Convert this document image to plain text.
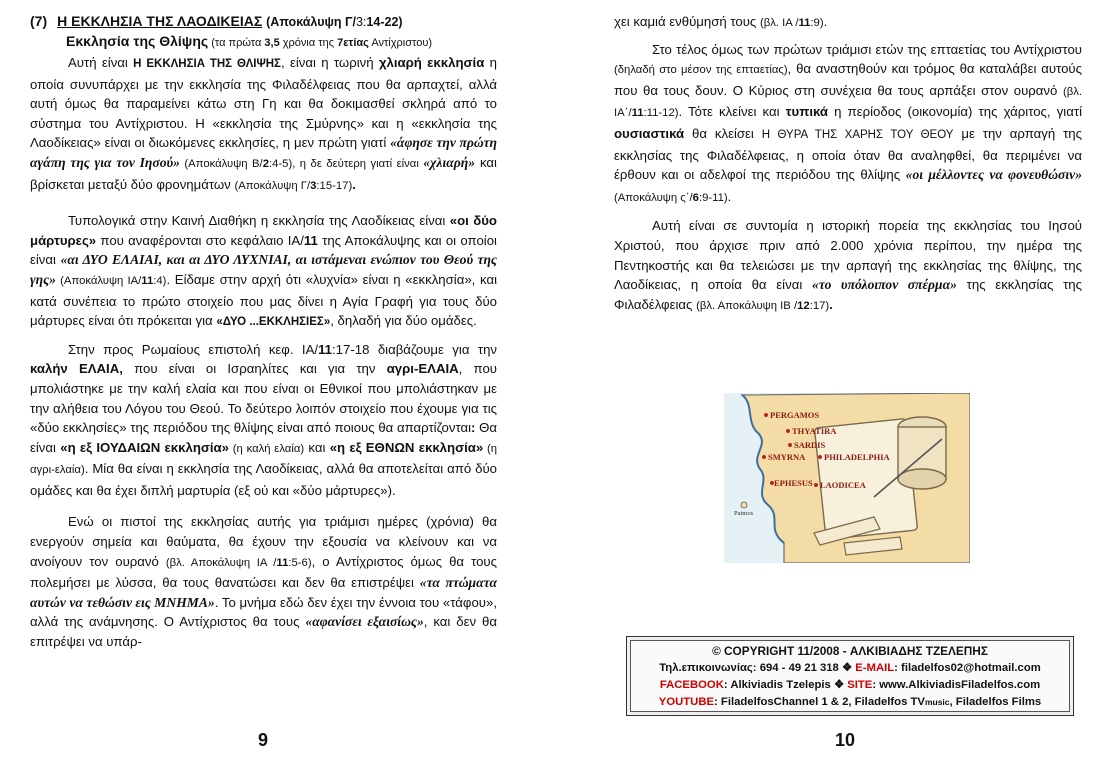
(7) Η ΕΚΚΛΗΣΙΑ ΤΗΣ ΛΑΟΔΙΚΕΙΑΣ (Αποκάλυψη Γ/3:14-22)
Εκκλησία της Θλίψης (τα πρώτα 3,5 χρόνια της 7ετίας Αντίχριστου)

Αυτή είναι Η ΕΚΚΛΗΣΙΑ ΤΗΣ ΘΛΙΨΗΣ, είναι η τωρινή χλιαρή εκκλησία η οποία συνυπάρχει με την εκκλησία της Φιλαδέλφειας που θα αρπαχτεί, αλλά αυτή όμως θα παραμείνει κάτω στη Γη και θα δοκιμασθεί σκληρά από το σύστημα του Αντίχριστου. Η «εκκλησία της Σμύρνης» και η «εκκλησία της Λαοδίκειας» είναι οι διωκόμενες εκκλησίες, η μεν πρώτη γιατί «άφησε την πρώτη αγάπη της για τον Ιησού» (Αποκάλυψη Β/2:4-5), η δε δεύτερη γιατί είναι «χλιαρή» και βρίσκεται μεταξύ δύο φρονημάτων (Αποκάλυψη Γ/3:15-17).

Τυπολογικά στην Καινή Διαθήκη η εκκλησία της Λαοδίκειας είναι «οι δύο μάρτυρες» που αναφέρονται στο κεφάλαιο ΙΑ/11 της Αποκάλυψης και οι οποίοι είναι «αι ΔΥΟ ΕΛΑΙΑΙ, και αι ΔΥΟ ΛΥΧΝΙΑΙ, αι ιστάμεναι ενώπιον του Θεού της γης» (Αποκάλυψη ΙΑ/11:4). Είδαμε στην αρχή ότι «λυχνία» είναι η «εκκλησία», και κατά συνέπεια το πρώτο στοιχείο που μας δίνει η Αγία Γραφή για τους δύο μάρτυρες είναι ότι πρόκειται για «ΔΥΟ ...ΕΚΚΛΗΣΙΕΣ», δηλαδή για δύο ομάδες.

Στην προς Ρωμαίους επιστολή κεφ. ΙΑ/11:17-18 διαβάζουμε για την καλήν ΕΛΑΙΑ, που είναι οι Ισραηλίτες και για την αγρι-ΕΛΑΙΑ, που μπολιάστηκε με την καλή ελαία και που είναι οι Εθνικοί που μπολιάστηκαν με την αλήθεια του Λόγου του Θεού. Το δεύτερο λοιπόν στοιχείο που έχουμε για τις «δύο εκκλησίες» της περιόδου της θλίψης είναι από ποιους θα απαρτίζονται: Θα είναι «η εξ ΙΟΥΔΑΙΩΝ εκκλησία» (η καλή ελαία) και «η εξ ΕΘΝΩΝ εκκλησία» (η αγρι-ελαία). Μία θα είναι η εκκλησία της Λαοδίκειας, αλλά θα αποτελείται από δύο ομάδες και θα έχει διπλή μαρτυρία (εξ ού και «δύο μάρτυρες»).

Ενώ οι πιστοί της εκκλησίας αυτής για τριάμισι ημέρες (χρόνια) θα ενεργούν σημεία και θαύματα, θα έχουν την εξουσία να κλείνουν και να ανοίγουν τον ουρανό (βλ. Αποκάλυψη ΙΑ /11:5-6), ο Αντίχριστος όμως θα τους πολεμήσει με λύσσα, θα τους θανατώσει και δεν θα επιστρέψει «τα πτώματα αυτών να τεθώσιν εις ΜΝΗΜΑ». Το μνήμα εδώ δεν έχει την έννοια του «τάφου», αλλά της ανάμνησης. Ο Αντίχριστος θα τους «αφανίσει εξαισίως», και δεν θα επιτρέψει να υπάρ-

9

χει καμιά ενθύμησή τους (βλ. ΙΑ /11:9).

Στο τέλος όμως των πρώτων τριάμισι ετών της επταετίας του Αντίχριστου (δηλαδή στο μέσον της επταετίας), θα αναστηθούν και τρόμος θα καταλάβει αυτούς που θα τους δουν. Ο Κύριος στη συνέχεια θα τους αρπάξει στον ουρανό (βλ. ΙΑ΄/11:11-12). Τότε κλείνει και τυπικά η περίοδος (οικονομία) της χάριτος, γιατί ουσιαστικά θα κλείσει Η ΘΥΡΑ ΤΗΣ ΧΑΡΗΣ ΤΟΥ ΘΕΟΥ με την αρπαγή της εκκλησίας της Φιλαδέλφειας, η οποία όταν θα αναληφθεί, θα περιμένει να έρθουν και οι αδελφοί της περιόδου της θλίψης «οι μέλλοντες να φονευθώσιν» (Αποκάλυψη ς΄/6:9-11).

Αυτή είναι σε συντομία η ιστορική πορεία της εκκλησίας του Ιησού Χριστού, που άρχισε πριν από 2.000 χρόνια περίπου, την ημέρα της Πεντηκοστής και θα τελειώσει με την αρπαγή της εκκλησίας της θλίψης, της Λαοδίκειας, η οποία θα είναι «το υπόλοιπον σπέρμα» της εκκλησίας της Φιλαδέλφειας (βλ. Αποκάλυψη ΙΒ /12:17).

PERGAMOS
THYATIRA
SARDIS
SMYRNA PHILADELPHIA
EPHESUS LAODICEA
Patmos
© COPYRIGHT 11/2008 - ΑΛΚΙΒΙΑΔΗΣ ΤΖΕΛΕΠΗΣ
Τηλ.επικοινωνίας: 694 - 49 21 318 ❖ E-MAIL: filadelfos02@hotmail.com
FACEBOOK: Alkiviadis Tzelepis ❖ SITE: www.AlkiviadisFiladelfos.com
YOUTUBE: FiladelfosChannel 1 & 2, Filadelfos TVmusic, Filadelfos Films
10
